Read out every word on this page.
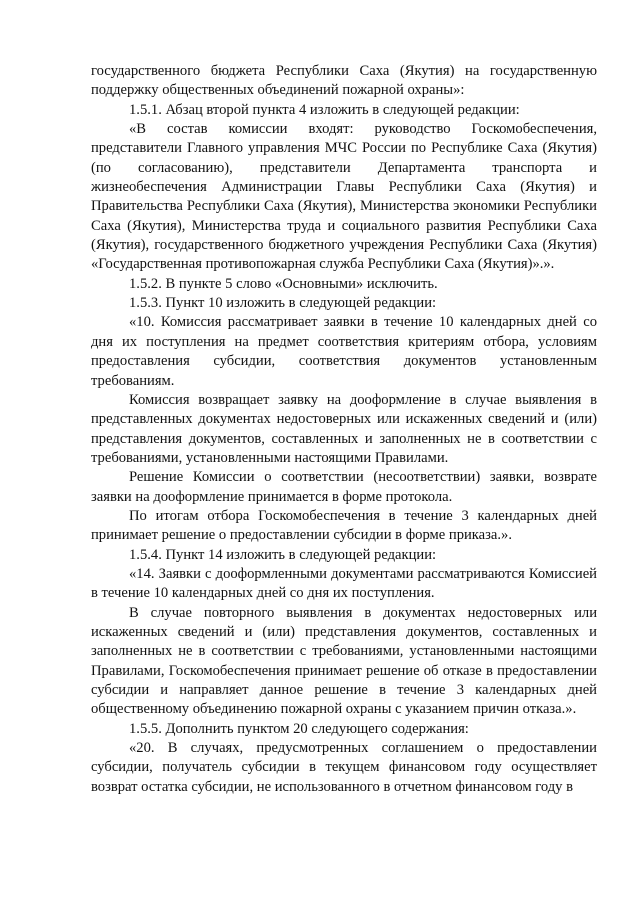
государственного бюджета Республики Саха (Якутия) на государственную поддержку общественных объединений пожарной охраны»:

1.5.1. Абзац второй пункта 4 изложить в следующей редакции:

«В состав комиссии входят: руководство Госкомобеспечения, представители Главного управления МЧС России по Республике Саха (Якутия) (по согласованию), представители Департамента транспорта и жизнеобеспечения Администрации Главы Республики Саха (Якутия) и Правительства Республики Саха (Якутия), Министерства экономики Республики Саха (Якутия), Министерства труда и социального развития Республики Саха (Якутия), государственного бюджетного учреждения Республики Саха (Якутия) «Государственная противопожарная служба Республики Саха (Якутия)».».

1.5.2. В пункте 5 слово «Основными» исключить.

1.5.3. Пункт 10 изложить в следующей редакции:

«10. Комиссия рассматривает заявки в течение 10 календарных дней со дня их поступления на предмет соответствия критериям отбора, условиям предоставления субсидии, соответствия документов установленным требованиям.

Комиссия возвращает заявку на дооформление в случае выявления в представленных документах недостоверных или искаженных сведений и (или) представления документов, составленных и заполненных не в соответствии с требованиями, установленными настоящими Правилами.

Решение Комиссии о соответствии (несоответствии) заявки, возврате заявки на дооформление принимается в форме протокола.

По итогам отбора Госкомобеспечения в течение 3 календарных дней принимает решение о предоставлении субсидии в форме приказа.».

1.5.4. Пункт 14 изложить в следующей редакции:

«14. Заявки с дооформленными документами рассматриваются Комиссией в течение 10 календарных дней со дня их поступления.

В случае повторного выявления в документах недостоверных или искаженных сведений и (или) представления документов, составленных и заполненных не в соответствии с требованиями, установленными настоящими Правилами, Госкомобеспечения принимает решение об отказе в предоставлении субсидии и направляет данное решение в течение 3 календарных дней общественному объединению пожарной охраны с указанием причин отказа.».

1.5.5. Дополнить пунктом 20 следующего содержания:

«20. В случаях, предусмотренных соглашением о предоставлении субсидии, получатель субсидии в текущем финансовом году осуществляет возврат остатка субсидии, не использованного в отчетном финансовом году в
